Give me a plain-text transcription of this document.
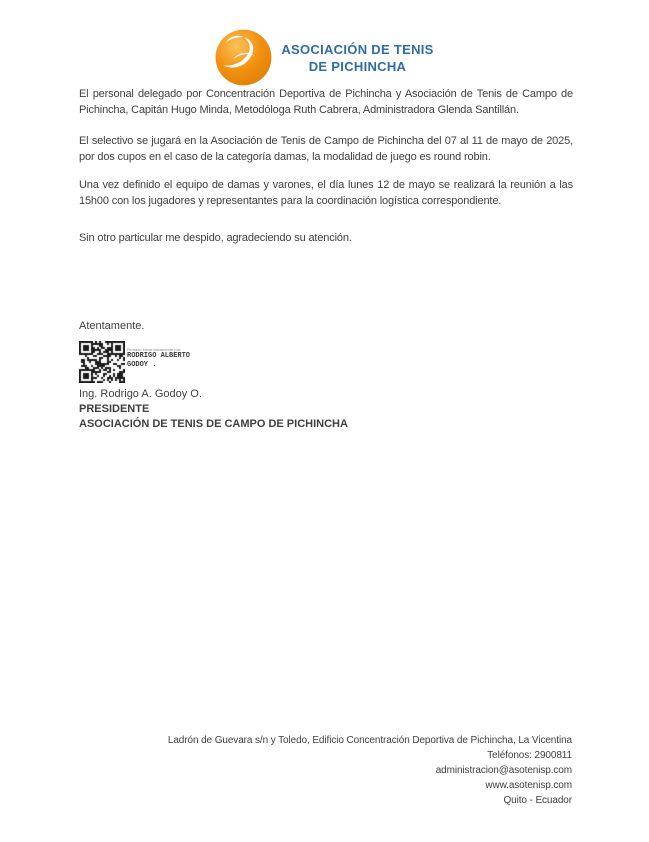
ASOCIACIÓN DE TENIS
DE PICHINCHA

El personal delegado por Concentración Deportiva de Pichincha y Asociación de Tenis de Campo de Pichincha, Capitán Hugo Minda, Metodóloga Ruth Cabrera, Administradora Glenda Santillán.

El selectivo se jugará en la Asociación de Tenis de Campo de Pichincha del 07 al 11 de mayo de 2025, por dos cupos en el caso de la categoría damas, la modalidad de juego es round robin.

Una vez definido el equipo de damas y varones, el día lunes 12 de mayo se realizará la reunión a las 15h00 con los jugadores y representantes para la coordinación logística correspondiente.

Sin otro particular me despido, agradeciendo su atención.

Atentamente.
Firmado electrónicamente por:
RODRIGO ALBERTO
GODOY .
Ing. Rodrigo A. Godoy O.
PRESIDENTE
ASOCIACIÓN DE TENIS DE CAMPO DE PICHINCHA
Ladrón de Guevara s/n y Toledo, Edificio Concentración Deportiva de Pichincha, La Vicentina
Teléfonos: 2900811
administracion@asotenisp.com
www.asotenisp.com
Quito - Ecuador
